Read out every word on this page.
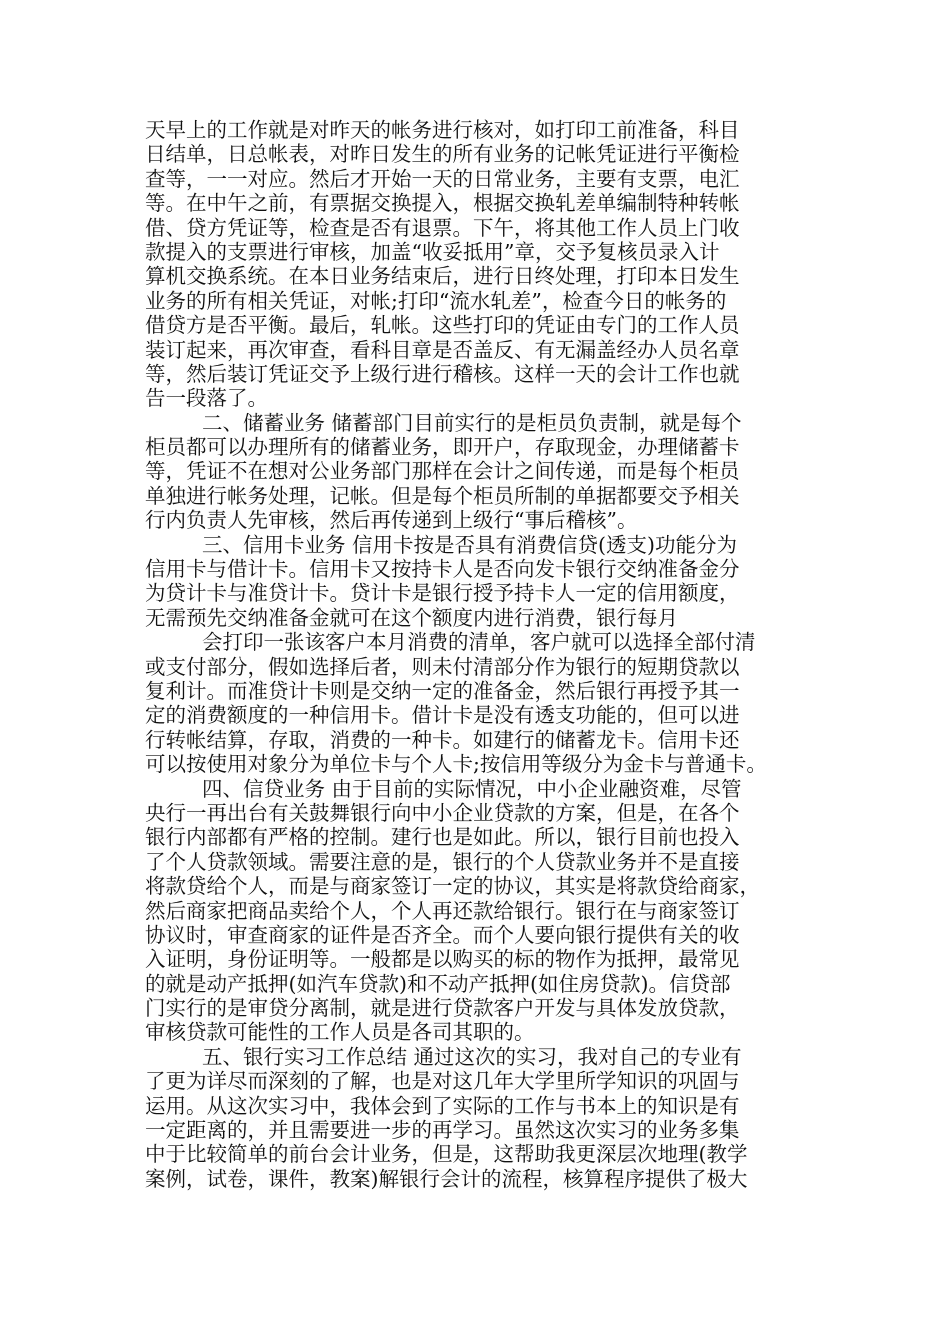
天早上的工作就是对昨天的帐务进行核对，如打印工前准备，科目
日结单，日总帐表，对昨日发生的所有业务的记帐凭证进行平衡检
查等，一一对应。然后才开始一天的日常业务，主要有支票，电汇
等。在中午之前，有票据交换提入，根据交换轧差单编制特种转帐
借、贷方凭证等，检查是否有退票。下午，将其他工作人员上门收
款提入的支票进行审核，加盖“收妥抵用”章，交予复核员录入计
算机交换系统。在本日业务结束后，进行日终处理，打印本日发生
业务的所有相关凭证，对帐;打印“流水轧差”，检查今日的帐务的
借贷方是否平衡。最后，轧帐。这些打印的凭证由专门的工作人员
装订起来，再次审查，看科目章是否盖反、有无漏盖经办人员名章
等，然后装订凭证交予上级行进行稽核。这样一天的会计工作也就
告一段落了。
二、储蓄业务 储蓄部门目前实行的是柜员负责制，就是每个
柜员都可以办理所有的储蓄业务，即开户，存取现金，办理储蓄卡
等，凭证不在想对公业务部门那样在会计之间传递，而是每个柜员
单独进行帐务处理，记帐。但是每个柜员所制的单据都要交予相关
行内负责人先审核，然后再传递到上级行“事后稽核”。
三、信用卡业务 信用卡按是否具有消费信贷(透支)功能分为
信用卡与借计卡。信用卡又按持卡人是否向发卡银行交纳准备金分
为贷计卡与准贷计卡。贷计卡是银行授予持卡人一定的信用额度，
无需预先交纳准备金就可在这个额度内进行消费，银行每月
会打印一张该客户本月消费的清单，客户就可以选择全部付清
或支付部分，假如选择后者，则未付清部分作为银行的短期贷款以
复利计。而准贷计卡则是交纳一定的准备金，然后银行再授予其一
定的消费额度的一种信用卡。借计卡是没有透支功能的，但可以进
行转帐结算，存取，消费的一种卡。如建行的储蓄龙卡。信用卡还
可以按使用对象分为单位卡与个人卡;按信用等级分为金卡与普通卡。
四、信贷业务 由于目前的实际情况，中小企业融资难，尽管
央行一再出台有关鼓舞银行向中小企业贷款的方案，但是，在各个
银行内部都有严格的控制。建行也是如此。所以，银行目前也投入
了个人贷款领域。需要注意的是，银行的个人贷款业务并不是直接
将款贷给个人，而是与商家签订一定的协议，其实是将款贷给商家，
然后商家把商品卖给个人，个人再还款给银行。银行在与商家签订
协议时，审查商家的证件是否齐全。而个人要向银行提供有关的收
入证明，身份证明等。一般都是以购买的标的物作为抵押，最常见
的就是动产抵押(如汽车贷款)和不动产抵押(如住房贷款)。信贷部
门实行的是审贷分离制，就是进行贷款客户开发与具体发放贷款，
审核贷款可能性的工作人员是各司其职的。
五、银行实习工作总结 通过这次的实习，我对自己的专业有
了更为详尽而深刻的了解，也是对这几年大学里所学知识的巩固与
运用。从这次实习中，我体会到了实际的工作与书本上的知识是有
一定距离的，并且需要进一步的再学习。虽然这次实习的业务多集
中于比较简单的前台会计业务，但是，这帮助我更深层次地理(教学
案例，试卷，课件，教案)解银行会计的流程，核算程序提供了极大
